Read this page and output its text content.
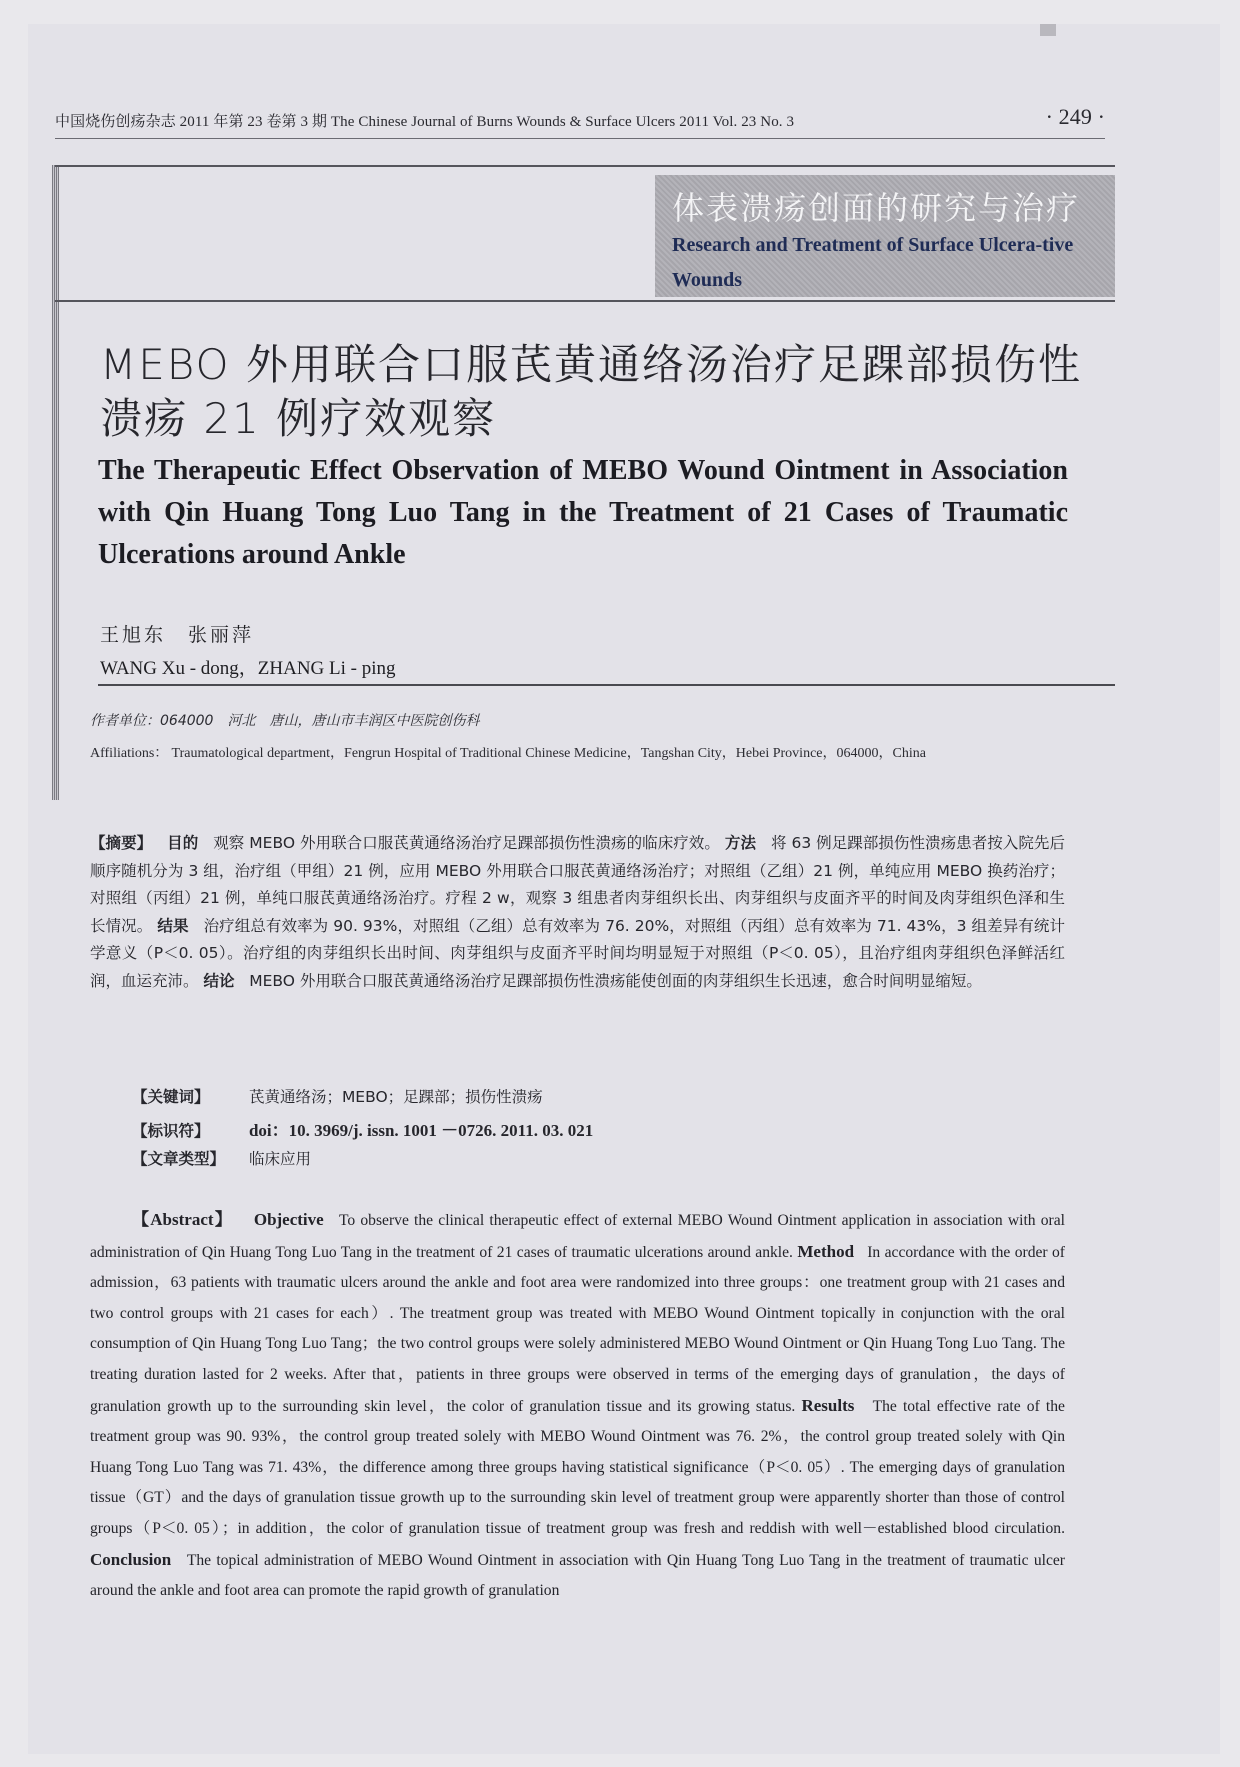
中国烧伤创疡杂志 2011 年第 23 卷第 3 期 The Chinese Journal of Burns Wounds & Surface Ulcers 2011 Vol. 23 No. 3	· 249 ·
体表溃疡创面的研究与治疗
Research and Treatment of Surface Ulcera-tive Wounds
MEBO 外用联合口服芪黄通络汤治疗足踝部损伤性溃疡 21 例疗效观察
The Therapeutic Effect Observation of MEBO Wound Ointment in Association with Qin Huang Tong Luo Tang in the Treatment of 21 Cases of Traumatic Ulcerations around Ankle
王旭东　张丽萍
WANG Xu - dong，ZHANG Li - ping
作者单位：064000　河北　唐山，唐山市丰润区中医院创伤科
Affiliations： Traumatological department，Fengrun Hospital of Traditional Chinese Medicine，Tangshan City，Hebei Province，064000，China
【摘要】 目的 观察 MEBO 外用联合口服芪黄通络汤治疗足踝部损伤性溃疡的临床疗效。 方法 将 63 例足踝部损伤性溃疡患者按入院先后顺序随机分为 3 组，治疗组（甲组）21 例，应用 MEBO 外用联合口服芪黄通络汤治疗；对照组（乙组）21 例，单纯应用 MEBO 换药治疗；对照组（丙组）21 例，单纯口服芪黄通络汤治疗。疗程 2 w，观察 3 组患者肉芽组织长出、肉芽组织与皮面齐平的时间及肉芽组织色泽和生长情况。 结果 治疗组总有效率为 90. 93%，对照组（乙组）总有效率为 76. 20%，对照组（丙组）总有效率为 71. 43%，3 组差异有统计学意义（P＜0. 05）。治疗组的肉芽组织长出时间、肉芽组织与皮面齐平时间均明显短于对照组（P＜0. 05），且治疗组肉芽组织色泽鲜活红润，血运充沛。 结论 MEBO 外用联合口服芪黄通络汤治疗足踝部损伤性溃疡能使创面的肉芽组织生长迅速，愈合时间明显缩短。
【关键词】	芪黄通络汤；MEBO；足踝部；损伤性溃疡
【标识符】 doi：10. 3969/j. issn. 1001 －0726. 2011. 03. 021
【文章类型】 临床应用
【Abstract】 Objective To observe the clinical therapeutic effect of external MEBO Wound Ointment application in association with oral administration of Qin Huang Tong Luo Tang in the treatment of 21 cases of traumatic ulcerations around ankle. Method In accordance with the order of admission，63 patients with traumatic ulcers around the ankle and foot area were randomized into three groups：one treatment group with 21 cases and two control groups with 21 cases for each）. The treatment group was treated with MEBO Wound Ointment topically in conjunction with the oral consumption of Qin Huang Tong Luo Tang；the two control groups were solely administered MEBO Wound Ointment or Qin Huang Tong Luo Tang. The treating duration lasted for 2 weeks. After that，patients in three groups were observed in terms of the emerging days of granulation，the days of granulation growth up to the surrounding skin level，the color of granulation tissue and its growing status. Results The total effective rate of the treatment group was 90. 93%，the control group treated solely with MEBO Wound Ointment was 76. 2%，the control group treated solely with Qin Huang Tong Luo Tang was 71. 43%，the difference among three groups having statistical significance（P＜0. 05）. The emerging days of granulation tissue（GT）and the days of granulation tissue growth up to the surrounding skin level of treatment group were apparently shorter than those of control groups（P＜0. 05）；in addition，the color of granulation tissue of treatment group was fresh and reddish with well－established blood circulation. Conclusion The topical administration of MEBO Wound Ointment in association with Qin Huang Tong Luo Tang in the treatment of traumatic ulcer around the ankle and foot area can promote the rapid growth of granulation
